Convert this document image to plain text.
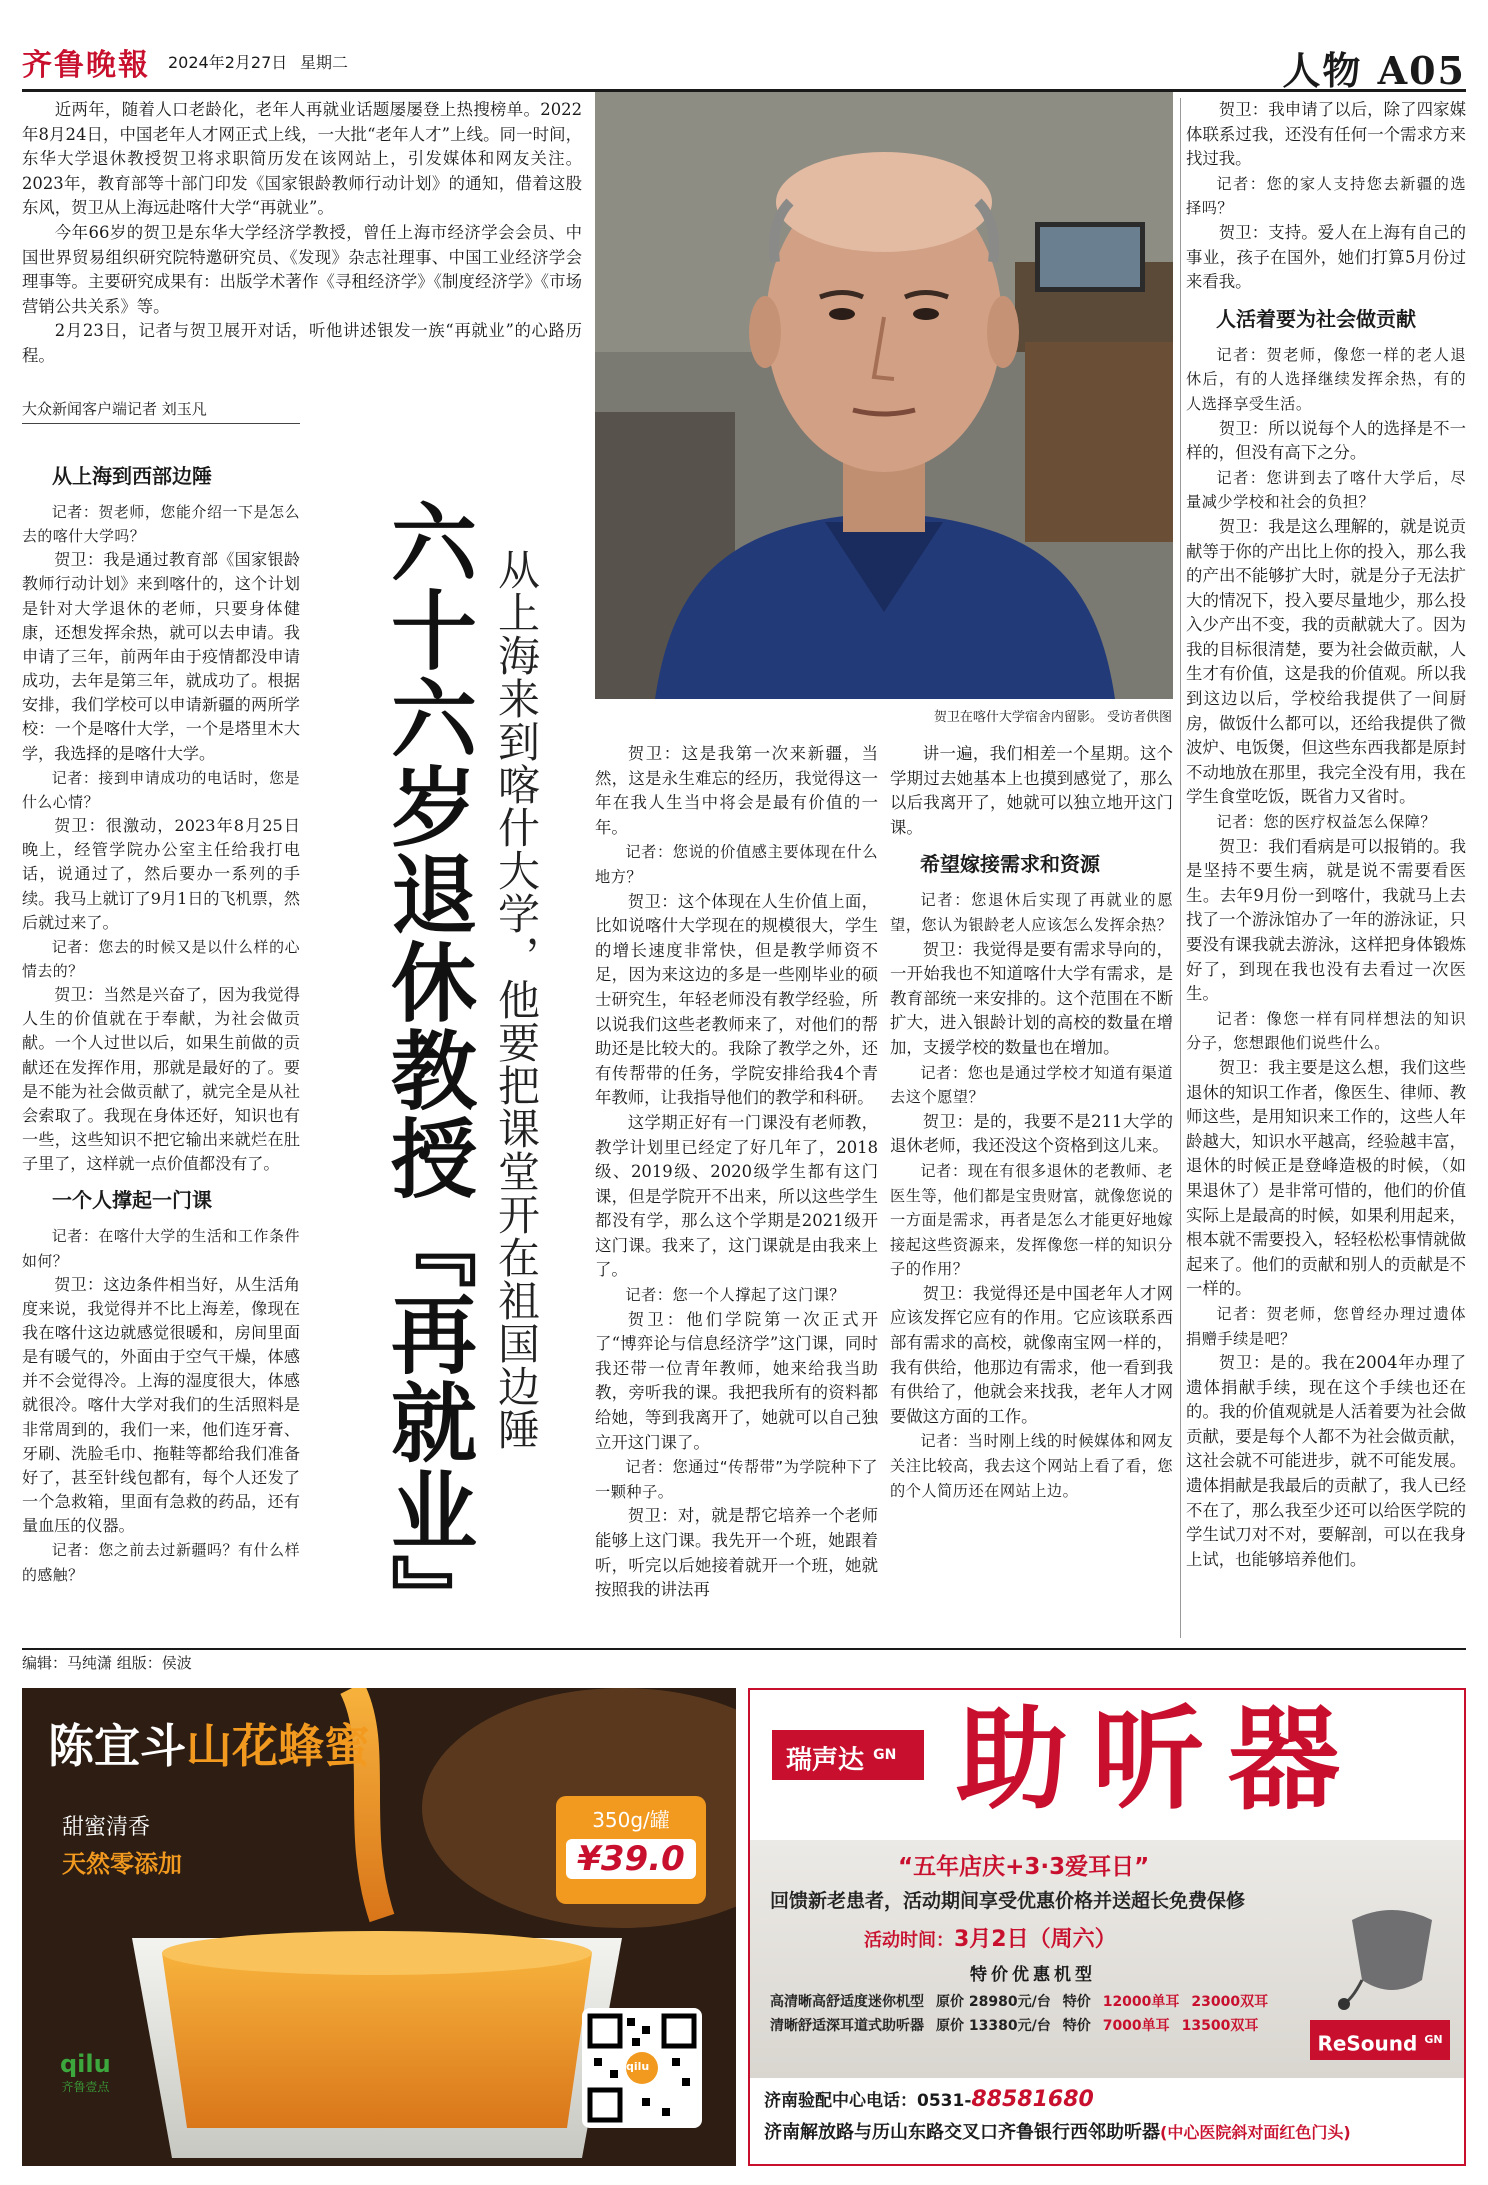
齐鲁晚報 2024年2月27日 星期二	人物 A05

近两年，随着人口老龄化，老年人再就业话题屡屡登上热搜榜单。2022年8月24日，中国老年人才网正式上线，一大批“老年人才”上线。同一时间，东华大学退休教授贺卫将求职简历发在该网站上，引发媒体和网友关注。2023年，教育部等十部门印发《国家银龄教师行动计划》的通知，借着这股东风，贺卫从上海远赴喀什大学“再就业”。

今年66岁的贺卫是东华大学经济学教授，曾任上海市经济学会会员、中国世界贸易组织研究院特邀研究员、《发现》杂志社理事、中国工业经济学会理事等。主要研究成果有：出版学术著作《寻租经济学》《制度经济学》《市场营销公共关系》等。

2月23日，记者与贺卫展开对话，听他讲述银发一族“再就业”的心路历程。

大众新闻客户端记者 刘玉凡
贺卫在喀什大学宿舍内留影。 受访者供图
六十六岁退休教授『再就业』 从上海来到喀什大学，他要把课堂开在祖国边陲
从上海到西部边陲

记者：贺老师，您能介绍一下是怎么去的喀什大学吗？

贺卫：我是通过教育部《国家银龄教师行动计划》来到喀什的，这个计划是针对大学退休的老师，只要身体健康，还想发挥余热，就可以去申请。我申请了三年，前两年由于疫情都没申请成功，去年是第三年，就成功了。根据安排，我们学校可以申请新疆的两所学校：一个是喀什大学，一个是塔里木大学，我选择的是喀什大学。

记者：接到申请成功的电话时，您是什么心情？

贺卫：很激动，2023年8月25日晚上，经管学院办公室主任给我打电话，说通过了，然后要办一系列的手续。我马上就订了9月1日的飞机票，然后就过来了。

记者：您去的时候又是以什么样的心情去的？

贺卫：当然是兴奋了，因为我觉得人生的价值就在于奉献，为社会做贡献。一个人过世以后，如果生前做的贡献还在发挥作用，那就是最好的了。要是不能为社会做贡献了，就完全是从社会索取了。我现在身体还好，知识也有一些，这些知识不把它输出来就烂在肚子里了，这样就一点价值都没有了。

一个人撑起一门课

记者：在喀什大学的生活和工作条件如何？

贺卫：这边条件相当好，从生活角度来说，我觉得并不比上海差，像现在我在喀什这边就感觉很暖和，房间里面是有暖气的，外面由于空气干燥，体感并不会觉得冷。上海的湿度很大，体感就很冷。喀什大学对我们的生活照料是非常周到的，我们一来，他们连牙膏、牙刷、洗脸毛巾、拖鞋等都给我们准备好了，甚至针线包都有，每个人还发了一个急救箱，里面有急救的药品，还有量血压的仪器。

记者：您之前去过新疆吗？有什么样的感触？

贺卫：这是我第一次来新疆，当然，这是永生难忘的经历，我觉得这一年在我人生当中将会是最有价值的一年。

记者：您说的价值感主要体现在什么地方？

贺卫：这个体现在人生价值上面，比如说喀什大学现在的规模很大，学生的增长速度非常快，但是教学师资不足，因为来这边的多是一些刚毕业的硕士研究生，年轻老师没有教学经验，所以说我们这些老教师来了，对他们的帮助还是比较大的。我除了教学之外，还有传帮带的任务，学院安排给我4个青年教师，让我指导他们的教学和科研。

这学期正好有一门课没有老师教，教学计划里已经定了好几年了，2018级、2019级、2020级学生都有这门课，但是学院开不出来，所以这些学生都没有学，那么这个学期是2021级开这门课。我来了，这门课就是由我来上了。

记者：您一个人撑起了这门课？

贺卫：他们学院第一次正式开了“博弈论与信息经济学”这门课，同时我还带一位青年教师，她来给我当助教，旁听我的课。我把我所有的资料都给她，等到我离开了，她就可以自己独立开这门课了。

记者：您通过“传帮带”为学院种下了一颗种子。

贺卫：对，就是帮它培养一个老师能够上这门课。我先开一个班，她跟着听，听完以后她接着就开一个班，她就按照我的讲法再

讲一遍，我们相差一个星期。这个学期过去她基本上也摸到感觉了，那么以后我离开了，她就可以独立地开这门课。

希望嫁接需求和资源

记者：您退休后实现了再就业的愿望，您认为银龄老人应该怎么发挥余热？

贺卫：我觉得是要有需求导向的，一开始我也不知道喀什大学有需求，是教育部统一来安排的。这个范围在不断扩大，进入银龄计划的高校的数量在增加，支援学校的数量也在增加。

记者：您也是通过学校才知道有渠道去这个愿望？

贺卫：是的，我要不是211大学的退休老师，我还没这个资格到这儿来。

记者：现在有很多退休的老教师、老医生等，他们都是宝贵财富，就像您说的一方面是需求，再者是怎么才能更好地嫁接起这些资源来，发挥像您一样的知识分子的作用？

贺卫：我觉得还是中国老年人才网应该发挥它应有的作用。它应该联系西部有需求的高校，就像南宝网一样的，我有供给，他那边有需求，他一看到我有供给了，他就会来找我，老年人才网要做这方面的工作。

记者：当时刚上线的时候媒体和网友关注比较高，我去这个网站上看了看，您的个人简历还在网站上边。

贺卫：我申请了以后，除了四家媒体联系过我，还没有任何一个需求方来找过我。

记者：您的家人支持您去新疆的选择吗？

贺卫：支持。爱人在上海有自己的事业，孩子在国外，她们打算5月份过来看我。

人活着要为社会做贡献

记者：贺老师，像您一样的老人退休后，有的人选择继续发挥余热，有的人选择享受生活。

贺卫：所以说每个人的选择是不一样的，但没有高下之分。

记者：您讲到去了喀什大学后，尽量减少学校和社会的负担？

贺卫：我是这么理解的，就是说贡献等于你的产出比上你的投入，那么我的产出不能够扩大时，就是分子无法扩大的情况下，投入要尽量地少，那么投入少产出不变，我的贡献就大了。因为我的目标很清楚，要为社会做贡献，人生才有价值，这是我的价值观。所以我到这边以后，学校给我提供了一间厨房，做饭什么都可以，还给我提供了微波炉、电饭煲，但这些东西我都是原封不动地放在那里，我完全没有用，我在学生食堂吃饭，既省力又省时。

记者：您的医疗权益怎么保障？

贺卫：我们看病是可以报销的。我是坚持不要生病，就是说不需要看医生。去年9月份一到喀什，我就马上去找了一个游泳馆办了一年的游泳证，只要没有课我就去游泳，这样把身体锻炼好了，到现在我也没有去看过一次医生。

记者：像您一样有同样想法的知识分子，您想跟他们说些什么。

贺卫：我主要是这么想，我们这些退休的知识工作者，像医生、律师、教师这些，是用知识来工作的，这些人年龄越大，知识水平越高，经验越丰富，退休的时候正是登峰造极的时候，（如果退休了）是非常可惜的，他们的价值实际上是最高的时候，如果利用起来，根本就不需要投入，轻轻松松事情就做起来了。他们的贡献和别人的贡献是不一样的。

记者：贺老师，您曾经办理过遗体捐赠手续是吧？

贺卫：是的。我在2004年办理了遗体捐献手续，现在这个手续也还在的。我的价值观就是人活着要为社会做贡献，要是每个人都不为社会做贡献，这社会就不可能进步，就不可能发展。遗体捐献是我最后的贡献了，我人已经不在了，那么我至少还可以给医学院的学生试刀对不对，要解剖，可以在我身上试，也能够培养他们。

编辑：马纯潇 组版：侯波
陈宜斗山花蜂蜜
甜蜜清香
天然零添加
350g/罐
¥39.0
qilu
qilu
齐鲁壹点
瑞声达 $^{GN}$ 助听器
“五年店庆+3·3爱耳日”
回馈新老患者，活动期间享受优惠价格并送超长免费保修
活动时间：3月2日（周六）
特价优惠机型
高清晰高舒适度迷你机型 原价 28980元/台 特价 12000单耳 23000双耳
清晰舒适深耳道式助听器 原价 13380元/台 特价 7000单耳 13500双耳
ReSound $^{GN}$
济南验配中心电话：0531-88581680
济南解放路与历山东路交叉口齐鲁银行西邻助听器(中心医院斜对面红色门头)
